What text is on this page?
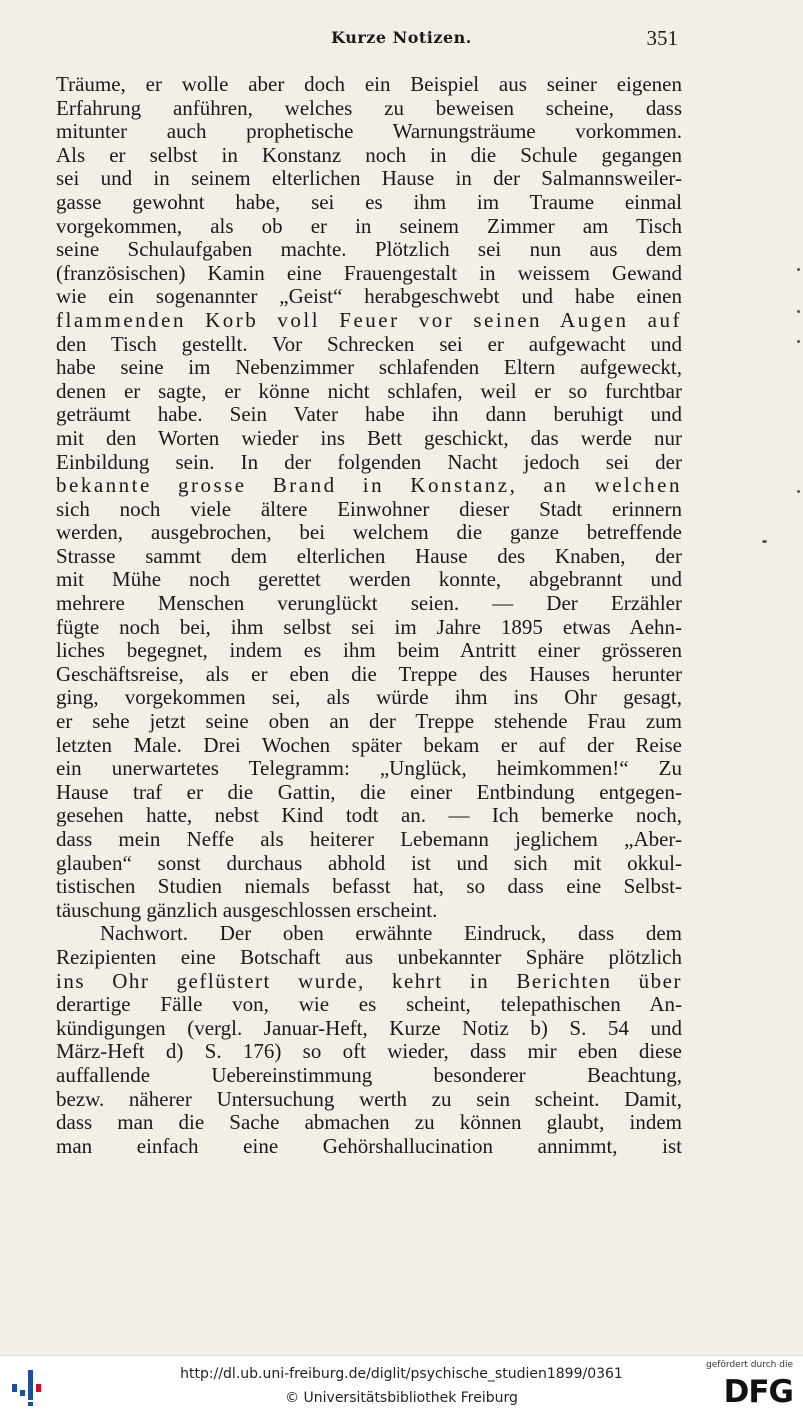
Kurze Notizen.	351
Träume, er wolle aber doch ein Beispiel aus seiner eigenen
Erfahrung anführen, welches zu beweisen scheine, dass
mitunter auch prophetische Warnungsträume vorkommen.
Als er selbst in Konstanz noch in die Schule gegangen
sei und in seinem elterlichen Hause in der Salmannsweiler-
gasse gewohnt habe, sei es ihm im Traume einmal
vorgekommen, als ob er in seinem Zimmer am Tisch
seine Schulaufgaben machte. Plötzlich sei nun aus dem
(französischen) Kamin eine Frauengestalt in weissem Gewand
wie ein sogenannter „Geist“ herabgeschwebt und habe einen
flammenden Korb voll Feuer vor seinen Augen auf
den Tisch gestellt. Vor Schrecken sei er aufgewacht und
habe seine im Nebenzimmer schlafenden Eltern aufgeweckt,
denen er sagte, er könne nicht schlafen, weil er so furchtbar
geträumt habe. Sein Vater habe ihn dann beruhigt und
mit den Worten wieder ins Bett geschickt, das werde nur
Einbildung sein. In der folgenden Nacht jedoch sei der
bekannte grosse Brand in Konstanz, an welchen
sich noch viele ältere Einwohner dieser Stadt erinnern
werden, ausgebrochen, bei welchem die ganze betreffende
Strasse sammt dem elterlichen Hause des Knaben, der
mit Mühe noch gerettet werden konnte, abgebrannt und
mehrere Menschen verunglückt seien. — Der Erzähler
fügte noch bei, ihm selbst sei im Jahre 1895 etwas Aehn-
liches begegnet, indem es ihm beim Antritt einer grösseren
Geschäftsreise, als er eben die Treppe des Hauses herunter
ging, vorgekommen sei, als würde ihm ins Ohr gesagt,
er sehe jetzt seine oben an der Treppe stehende Frau zum
letzten Male. Drei Wochen später bekam er auf der Reise
ein unerwartetes Telegramm: „Unglück, heimkommen!“ Zu
Hause traf er die Gattin, die einer Entbindung entgegen-
gesehen hatte, nebst Kind todt an. — Ich bemerke noch,
dass mein Neffe als heiterer Lebemann jeglichem „Aber-
glauben“ sonst durchaus abhold ist und sich mit okkul-
tistischen Studien niemals befasst hat, so dass eine Selbst-
täuschung gänzlich ausgeschlossen erscheint.
Nachwort. Der oben erwähnte Eindruck, dass dem
Rezipienten eine Botschaft aus unbekannter Sphäre plötzlich
ins Ohr geflüstert wurde, kehrt in Berichten über
derartige Fälle von, wie es scheint, telepathischen An-
kündigungen (vergl. Januar-Heft, Kurze Notiz b) S. 54 und
März-Heft d) S. 176) so oft wieder, dass mir eben diese
auffallende Uebereinstimmung besonderer Beachtung,
bezw. näherer Untersuchung werth zu sein scheint. Damit,
dass man die Sache abmachen zu können glaubt, indem
man einfach eine Gehörshallucination annimmt, ist
http://dl.ub.uni-freiburg.de/diglit/psychische_studien1899/0361
© Universitätsbibliothek Freiburg
gefördert durch die
DFG
